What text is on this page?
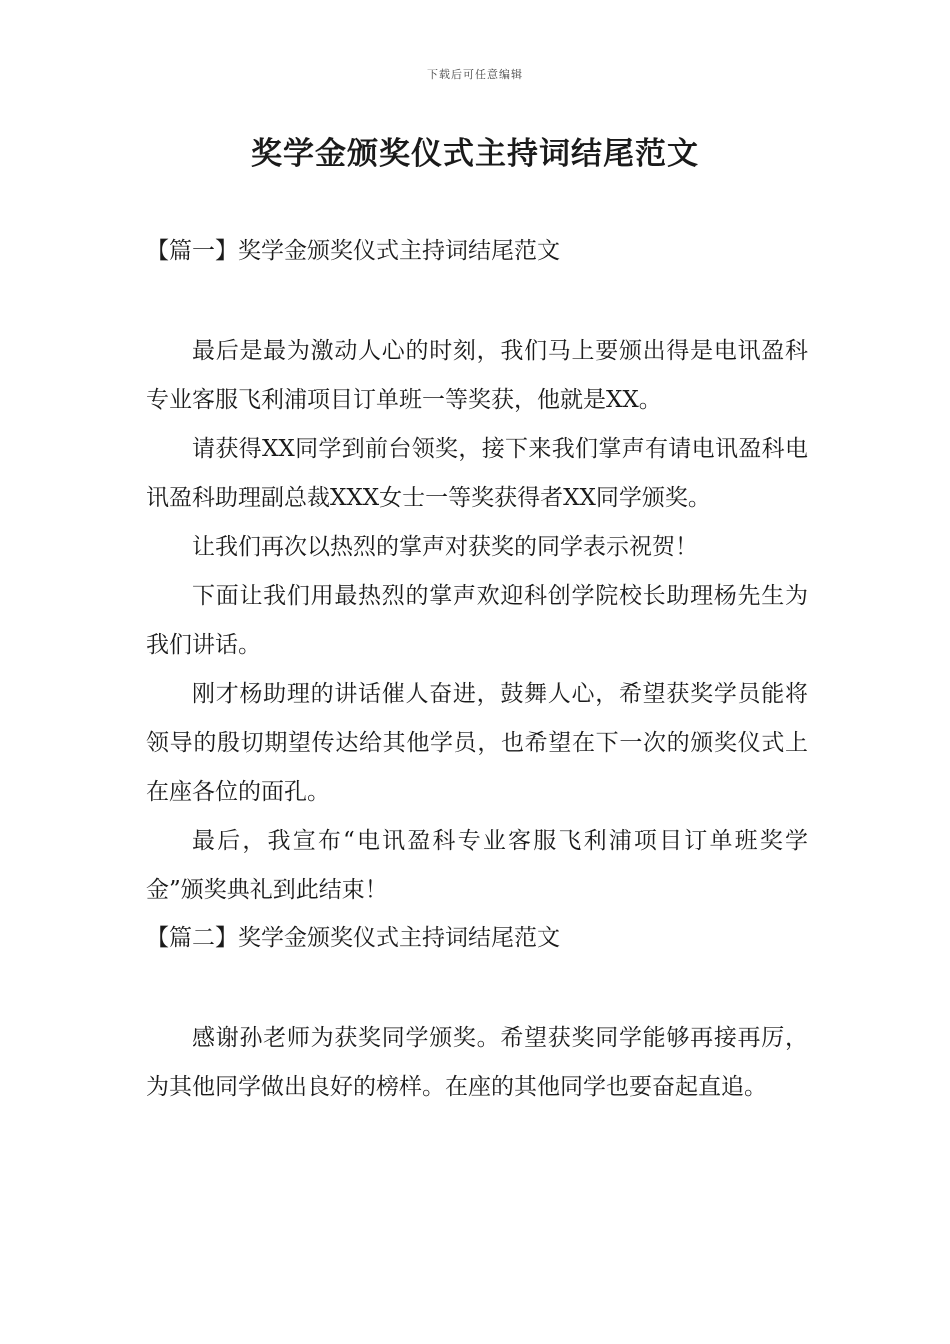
下载后可任意编辑
奖学金颁奖仪式主持词结尾范文

【篇一】奖学金颁奖仪式主持词结尾范文

最后是最为激动人心的时刻，我们马上要颁出得是电讯盈科专业客服飞利浦项目订单班一等奖获，他就是XX。

请获得XX同学到前台领奖，接下来我们掌声有请电讯盈科电讯盈科助理副总裁XXX女士一等奖获得者XX同学颁奖。

让我们再次以热烈的掌声对获奖的同学表示祝贺！

下面让我们用最热烈的掌声欢迎科创学院校长助理杨先生为我们讲话。

刚才杨助理的讲话催人奋进，鼓舞人心，希望获奖学员能将领导的殷切期望传达给其他学员，也希望在下一次的颁奖仪式上在座各位的面孔。

最后，我宣布“电讯盈科专业客服飞利浦项目订单班奖学金”颁奖典礼到此结束！

【篇二】奖学金颁奖仪式主持词结尾范文

感谢孙老师为获奖同学颁奖。希望获奖同学能够再接再厉，为其他同学做出良好的榜样。在座的其他同学也要奋起直追。
